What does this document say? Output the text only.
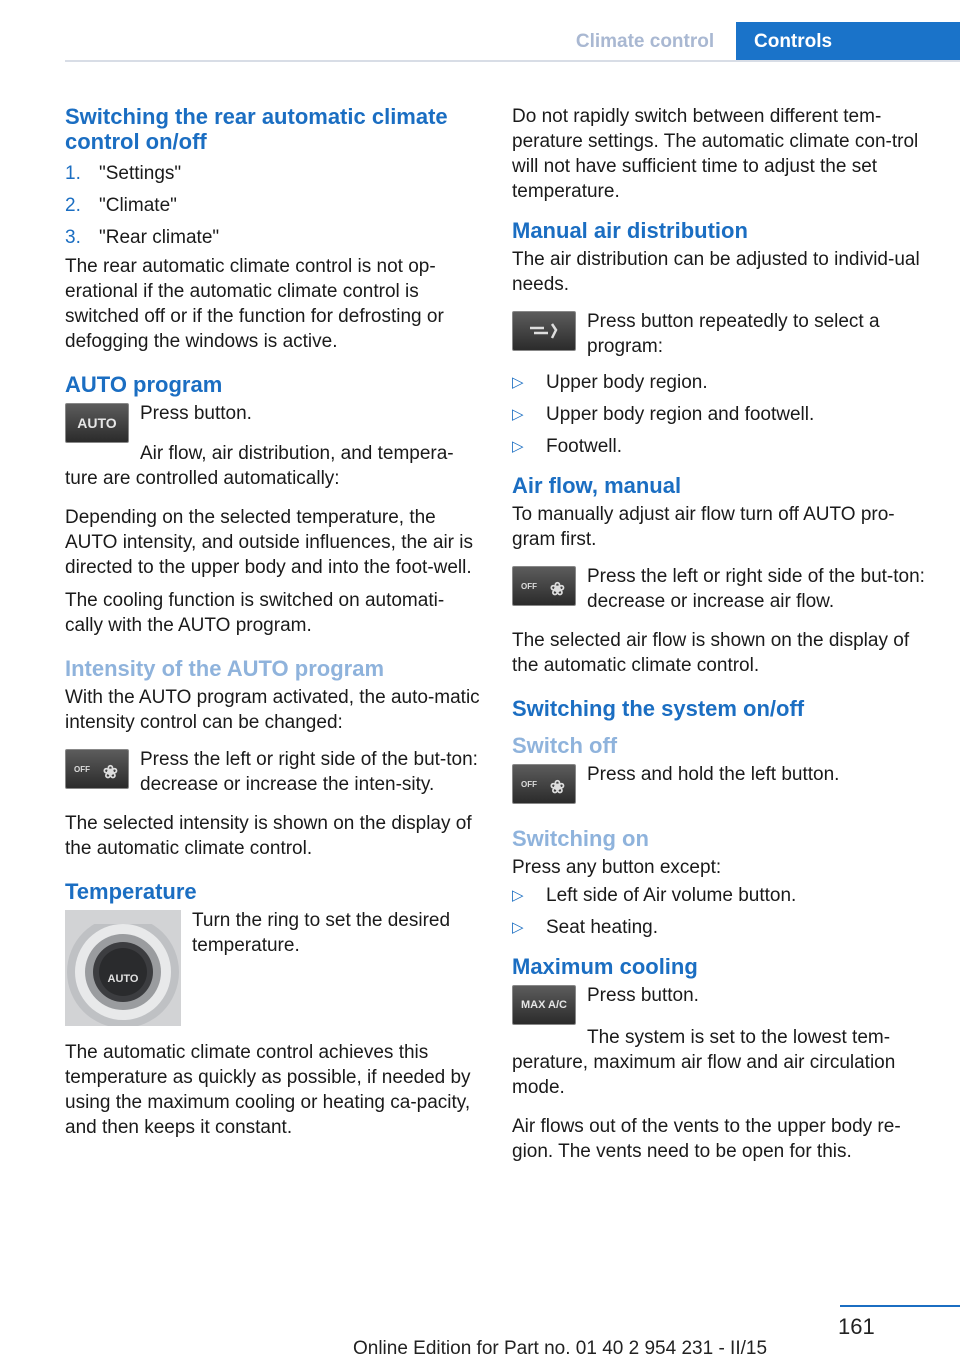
Climate control	Controls
Switching the rear automatic climate control on/off
1. "Settings"
2. "Climate"
3. "Rear climate"

The rear automatic climate control is not op-erational if the automatic climate control is switched off or if the function for defrosting or defogging the windows is active.

AUTO program
AUTO	Press button.

Air flow, air distribution, and tempera-ture are controlled automatically:

Depending on the selected temperature, the AUTO intensity, and outside influences, the air is directed to the upper body and into the foot-well.

The cooling function is switched on automati-cally with the AUTO program.

Intensity of the AUTO program

With the AUTO program activated, the auto-matic intensity control can be changed:

OFF ❀
Press the left or right side of the but-ton: decrease or increase the inten-sity.

The selected intensity is shown on the display of the automatic climate control.

Temperature
AUTO
Turn the ring to set the desired temperature.

The automatic climate control achieves this temperature as quickly as possible, if needed by using the maximum cooling or heating ca-pacity, and then keeps it constant.

Do not rapidly switch between different tem-perature settings. The automatic climate con-trol will not have sufficient time to adjust the set temperature.

Manual air distribution

The air distribution can be adjusted to individ-ual needs.

Press button repeatedly to select a program:
▷ Upper body region.
▷ Upper body region and footwell.
▷ Footwell.
Air flow, manual

To manually adjust air flow turn off AUTO pro-gram first.

OFF ❀
Press the left or right side of the but-ton: decrease or increase air flow.

The selected air flow is shown on the display of the automatic climate control.

Switching the system on/off
Switch off
OFF ❀
Press and hold the left button.
Switching on

Press any button except:

▷ Left side of Air volume button.
▷ Seat heating.
Maximum cooling
MAX A/C	Press button.

The system is set to the lowest tem-perature, maximum air flow and air circulation mode.

Air flows out of the vents to the upper body re-gion. The vents need to be open for this.

161
Online Edition for Part no. 01 40 2 954 231 - II/15
